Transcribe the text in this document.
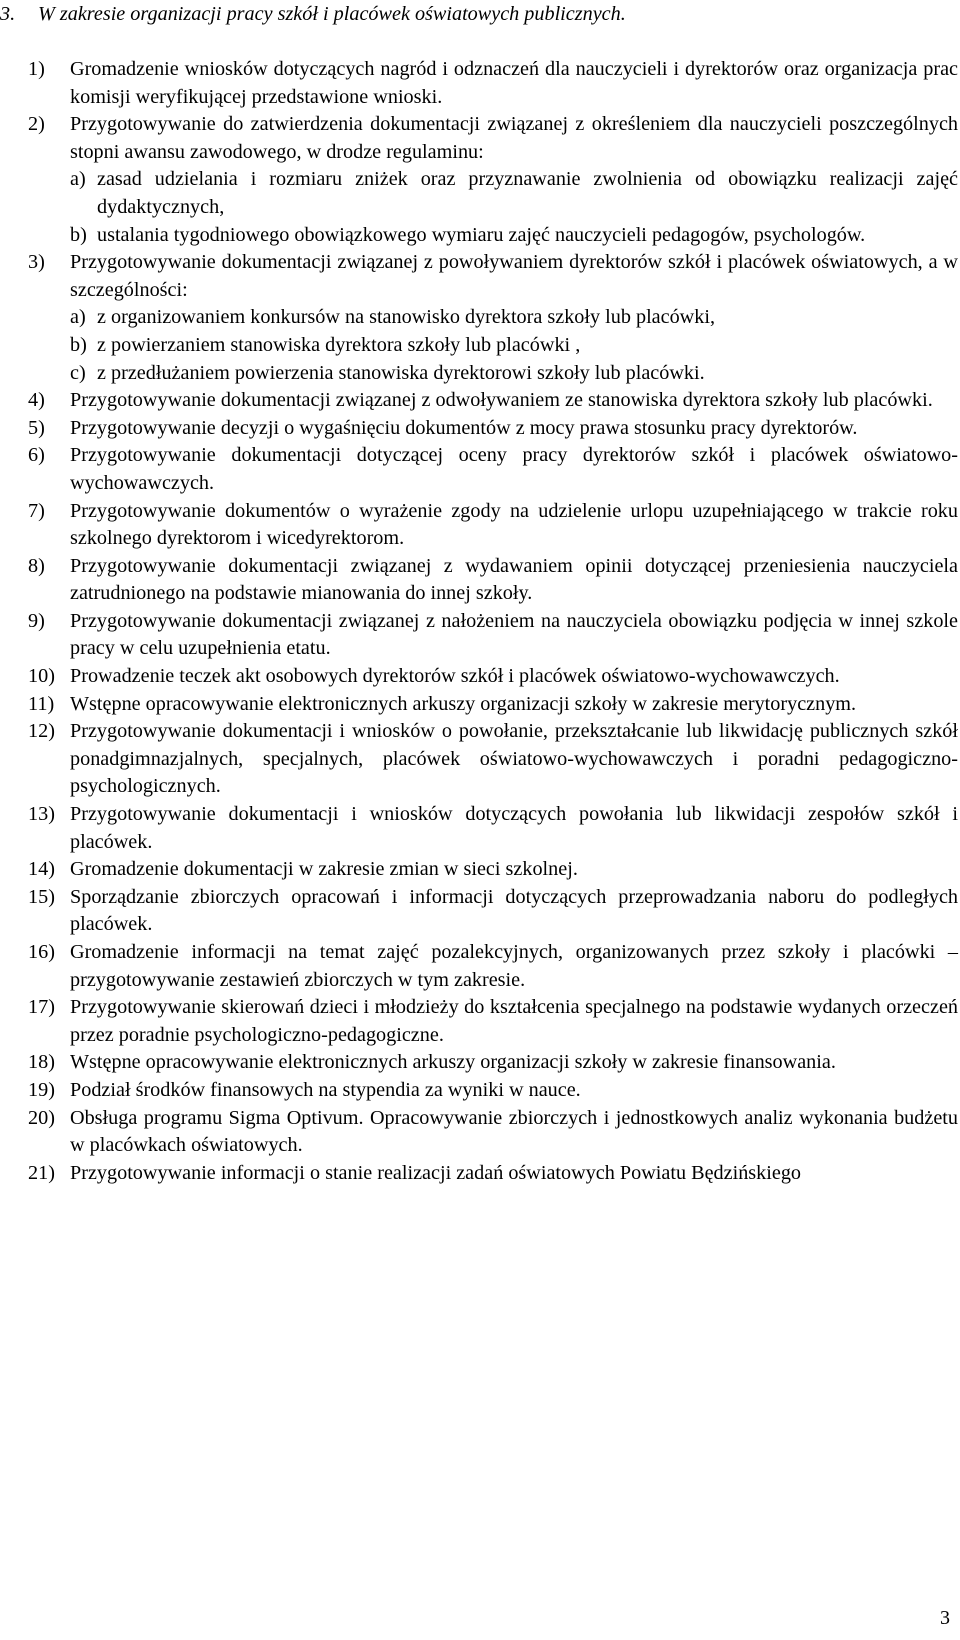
3. W zakresie organizacji pracy szkół i placówek oświatowych publicznych.
1)	Gromadzenie wniosków dotyczących nagród i odznaczeń dla nauczycieli i dyrektorów oraz organizacja prac komisji weryfikującej przedstawione wnioski.
2)	Przygotowywanie do zatwierdzenia dokumentacji związanej z określeniem dla nauczycieli poszczególnych stopni awansu zawodowego, w drodze regulaminu:
a) zasad udzielania i rozmiaru zniżek oraz przyznawanie zwolnienia od obowiązku realizacji zajęć dydaktycznych,
b) ustalania tygodniowego obowiązkowego wymiaru zajęć nauczycieli pedagogów, psychologów.
3)	Przygotowywanie dokumentacji związanej z powoływaniem dyrektorów szkół i placówek oświatowych, a w szczególności:
a) z organizowaniem konkursów na stanowisko dyrektora szkoły lub placówki,
b) z powierzaniem stanowiska dyrektora szkoły lub placówki ,
c) z przedłużaniem powierzenia stanowiska dyrektorowi szkoły lub placówki.
4)	Przygotowywanie dokumentacji związanej z odwoływaniem ze stanowiska dyrektora szkoły lub placówki.
5)	Przygotowywanie decyzji o wygaśnięciu dokumentów z mocy prawa stosunku pracy dyrektorów.
6)	Przygotowywanie dokumentacji dotyczącej oceny pracy dyrektorów szkół i placówek oświatowo-wychowawczych.
7)	Przygotowywanie dokumentów o wyrażenie zgody na udzielenie urlopu uzupełniającego w trakcie roku szkolnego dyrektorom i wicedyrektorom.
8)	Przygotowywanie dokumentacji związanej z wydawaniem opinii dotyczącej przeniesienia nauczyciela zatrudnionego na podstawie mianowania do innej szkoły.
9)	Przygotowywanie dokumentacji związanej z nałożeniem na nauczyciela obowiązku podjęcia w innej szkole pracy w celu uzupełnienia etatu.
10) Prowadzenie teczek akt osobowych dyrektorów szkół i placówek oświatowo-wychowawczych.
11) Wstępne opracowywanie elektronicznych arkuszy organizacji szkoły w zakresie merytorycznym.
12) Przygotowywanie dokumentacji i wniosków o powołanie, przekształcanie lub likwidację publicznych szkół ponadgimnazjalnych, specjalnych, placówek oświatowo-wychowawczych i poradni pedagogiczno-psychologicznych.
13) Przygotowywanie dokumentacji i wniosków dotyczących powołania lub likwidacji zespołów szkół i placówek.
14) Gromadzenie dokumentacji w zakresie zmian w sieci szkolnej.
15) Sporządzanie zbiorczych opracowań i informacji dotyczących przeprowadzania naboru do podległych placówek.
16) Gromadzenie informacji na temat zajęć pozalekcyjnych, organizowanych przez szkoły i placówki – przygotowywanie zestawień zbiorczych w tym zakresie.
17) Przygotowywanie skierowań dzieci i młodzieży do kształcenia specjalnego na podstawie wydanych orzeczeń przez poradnie psychologiczno-pedagogiczne.
18) Wstępne opracowywanie elektronicznych arkuszy organizacji szkoły w zakresie finansowania.
19) Podział środków finansowych na stypendia za wyniki w nauce.
20) Obsługa programu Sigma Optivum. Opracowywanie zbiorczych i jednostkowych analiz wykonania budżetu w placówkach oświatowych.
21) Przygotowywanie informacji o stanie realizacji zadań oświatowych Powiatu Będzińskiego
3
